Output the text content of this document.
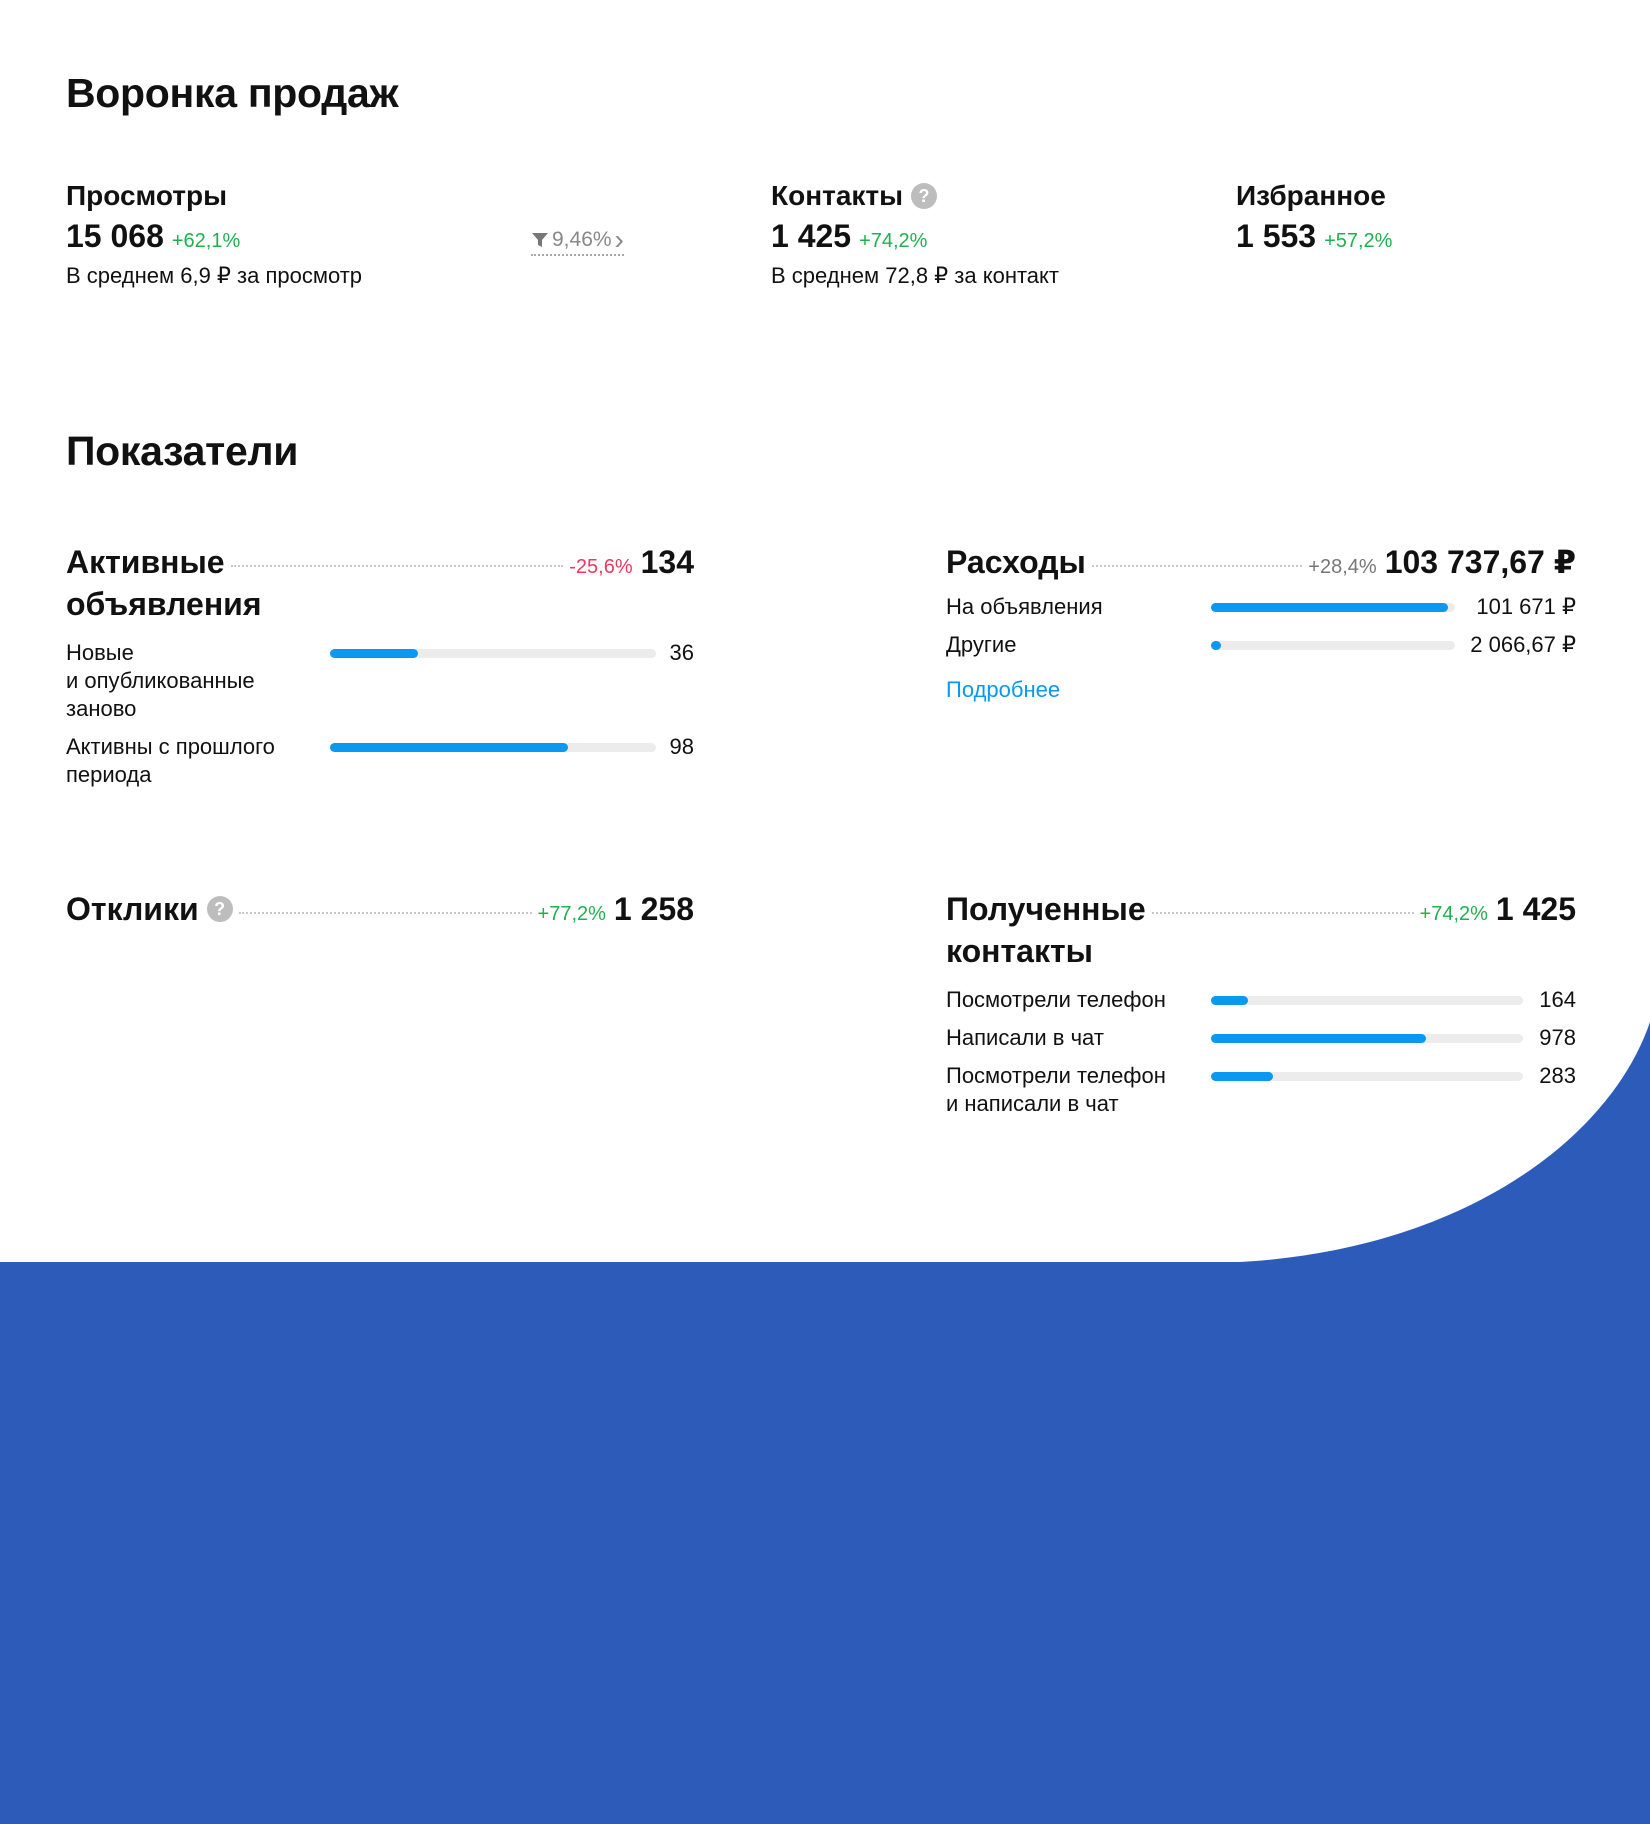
Воронка продаж
Просмотры
15 068 +62,1%
В среднем 6,9 ₽ за просмотр
9,46% ›
Контакты ?
1 425 +74,2%
В среднем 72,8 ₽ за контакт
Избранное
1 553 +57,2%
Показатели
Активные	-25,6% 134
объявления
Новые
и опубликованные
заново
36
Активны с прошлого
периода
98
Расходы	+28,4% 103 737,67 ₽
На объявления	101 671 ₽
Другие	2 066,67 ₽
Подробнее
Отклики ?	+77,2% 1 258	Полученные	+74,2% 1 425
контакты
Посмотрели телефон	164
Написали в чат	978
Посмотрели телефон
и написали в чат
283
